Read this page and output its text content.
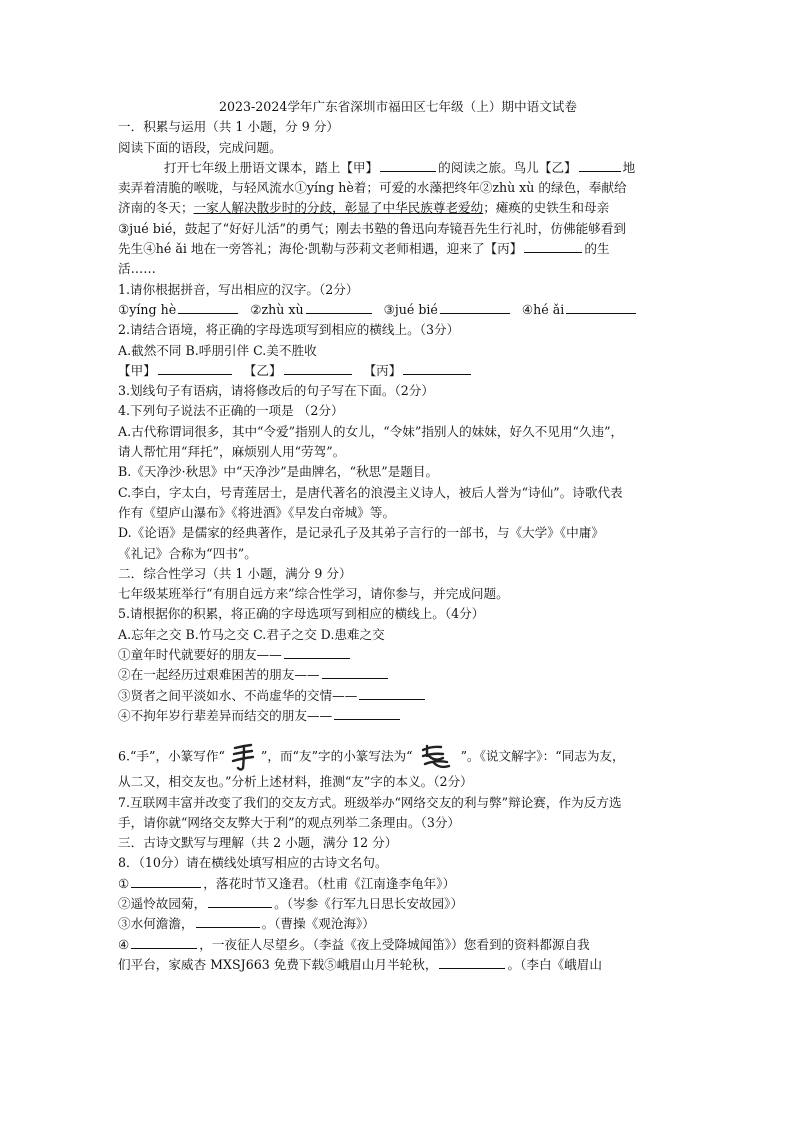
2023-2024学年广东省深圳市福田区七年级（上）期中语文试卷
一．积累与运用（共 1 小题，分 9 分）
阅读下面的语段，完成问题。
打开七年级上册语文课本，踏上【甲】	的阅读之旅。鸟儿【乙】	地
卖弄着清脆的喉咙，与轻风流水①yíng hè着；可爱的水藻把终年②zhù xù 的绿色，奉献给
济南的冬天；一家人解决散步时的分歧，彰显了中华民族尊老爱幼；瘫痪的史铁生和母亲
③jué bié，鼓起了“好好儿活”的勇气；刚去书塾的鲁迅向寿镜吾先生行礼时，仿佛能够看到
先生④hé ǎi 地在一旁答礼；海伦·凯勒与莎莉文老师相遇，迎来了【丙】	的生
活……
1.请你根据拼音，写出相应的汉字。（2分）
①yíng hè	②zhù xù	③jué bié	④hé ǎi
2.请结合语境，将正确的字母选项写到相应的横线上。（3分）
A.截然不同 B.呼朋引伴 C.美不胜收
【甲】	【乙】	【丙】
3.划线句子有语病，请将修改后的句子写在下面。（2分）
4.下列句子说法不正确的一项是 （2分）
A.古代称谓词很多，其中“令爱”指别人的女儿，“令妹”指别人的妹妹，好久不见用“久违”，
请人帮忙用“拜托”，麻烦别人用“劳驾”。
B.《天净沙·秋思》中“天净沙”是曲牌名，“秋思”是题目。
C.李白，字太白，号青莲居士，是唐代著名的浪漫主义诗人，被后人誉为“诗仙”。诗歌代表
作有《望庐山瀑布》《将进酒》《早发白帝城》等。
D.《论语》是儒家的经典著作，是记录孔子及其弟子言行的一部书，与《大学》《中庸》
《礼记》合称为“四书”。
二．综合性学习（共 1 小题，满分 9 分）
七年级某班举行“有朋自远方来”综合性学习，请你参与，并完成问题。
5.请根据你的积累，将正确的字母选项写到相应的横线上。（4分）
A.忘年之交 B.竹马之交 C.君子之交 D.患难之交
①童年时代就要好的朋友——
②在一起经历过艰难困苦的朋友——
③贤者之间平淡如水、不尚虚华的交情——
④不拘年岁行辈差异而结交的朋友——
6.“手”，小篆写作“	”，而“友”字的小篆写法为“	”。《说文解字》：“同志为友，
从二又，相交友也。”分析上述材料，推测“友”字的本义。（2分）
7.互联网丰富并改变了我们的交友方式。班级举办“网络交友的利与弊”辩论赛，作为反方选
手，请你就“网络交友弊大于利”的观点列举二条理由。（3分）
三．古诗文默写与理解（共 2 小题，满分 12 分）
8．（10分）请在横线处填写相应的古诗文名句。
①	，落花时节又逢君。（杜甫《江南逢李龟年》）
②遥怜故园菊，	。（岑参《行军九日思长安故园》）
③水何澹澹，	。（曹操《观沧海》）
④	，一夜征人尽望乡。（李益《夜上受降城闻笛》）您看到的资料都源自我
们平台，家威杏 MXSJ663 免费下载⑤峨眉山月半轮秋，	。（李白《峨眉山
